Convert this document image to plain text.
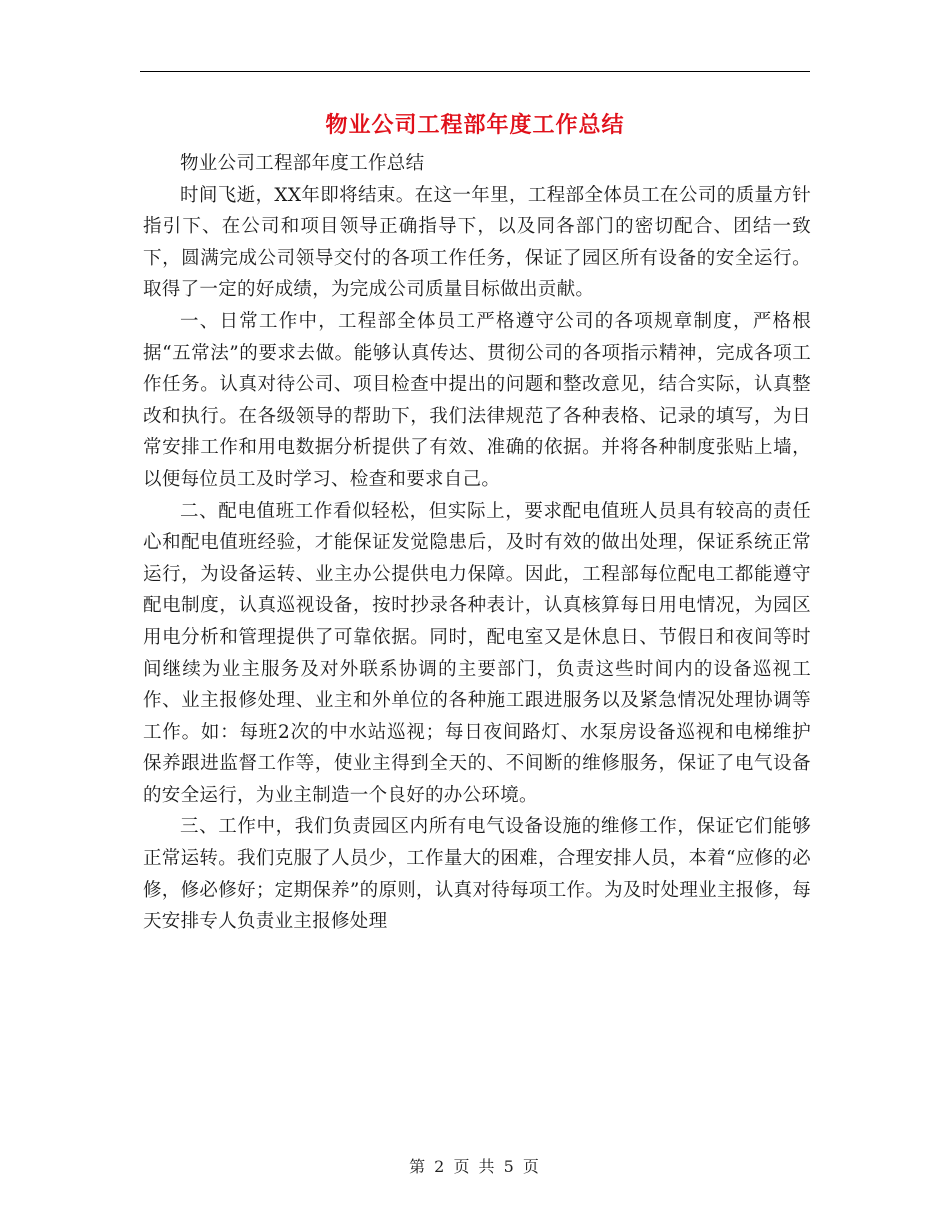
物业公司工程部年度工作总结

物业公司工程部年度工作总结

时间飞逝，XX年即将结束。在这一年里，工程部全体员工在公司的质量方针指引下、在公司和项目领导正确指导下，以及同各部门的密切配合、团结一致下，圆满完成公司领导交付的各项工作任务，保证了园区所有设备的安全运行。取得了一定的好成绩，为完成公司质量目标做出贡献。

一、日常工作中，工程部全体员工严格遵守公司的各项规章制度，严格根据“五常法”的要求去做。能够认真传达、贯彻公司的各项指示精神，完成各项工作任务。认真对待公司、项目检查中提出的问题和整改意见，结合实际，认真整改和执行。在各级领导的帮助下，我们法律规范了各种表格、记录的填写，为日常安排工作和用电数据分析提供了有效、准确的依据。并将各种制度张贴上墙，以便每位员工及时学习、检查和要求自己。

二、配电值班工作看似轻松，但实际上，要求配电值班人员具有较高的责任心和配电值班经验，才能保证发觉隐患后，及时有效的做出处理，保证系统正常运行，为设备运转、业主办公提供电力保障。因此，工程部每位配电工都能遵守配电制度，认真巡视设备，按时抄录各种表计，认真核算每日用电情况，为园区用电分析和管理提供了可靠依据。同时，配电室又是休息日、节假日和夜间等时间继续为业主服务及对外联系协调的主要部门，负责这些时间内的设备巡视工作、业主报修处理、业主和外单位的各种施工跟进服务以及紧急情况处理协调等工作。如：每班2次的中水站巡视；每日夜间路灯、水泵房设备巡视和电梯维护保养跟进监督工作等，使业主得到全天的、不间断的维修服务，保证了电气设备的安全运行，为业主制造一个良好的办公环境。

三、工作中，我们负责园区内所有电气设备设施的维修工作，保证它们能够正常运转。我们克服了人员少，工作量大的困难，合理安排人员，本着“应修的必修，修必修好；定期保养”的原则，认真对待每项工作。为及时处理业主报修，每天安排专人负责业主报修处理

第 2 页 共 5 页
